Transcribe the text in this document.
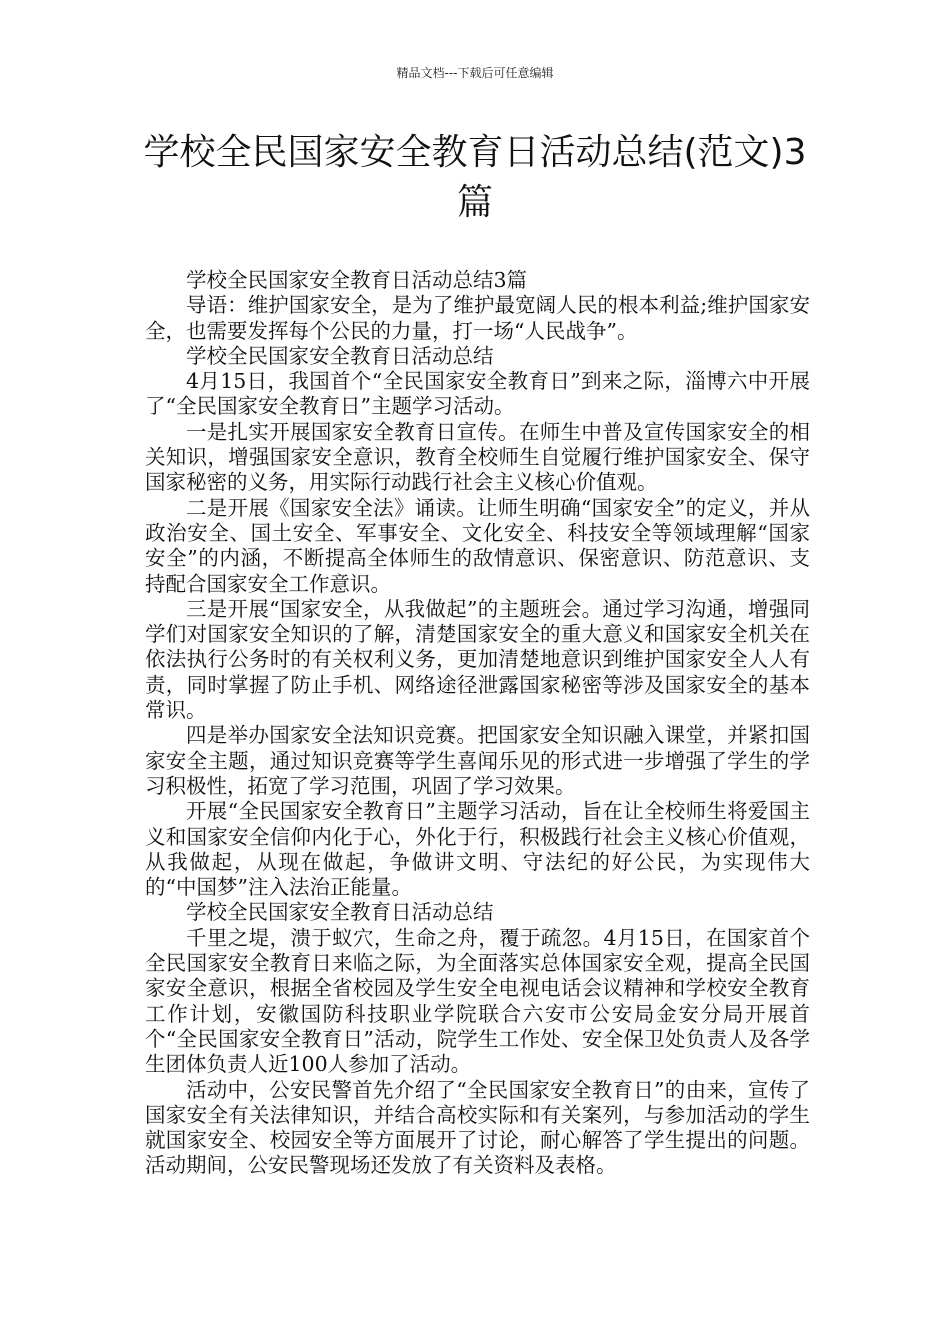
精品文档---下载后可任意编辑
学校全民国家安全教育日活动总结(范文)3篇

学校全民国家安全教育日活动总结3篇

导语：维护国家安全，是为了维护最宽阔人民的根本利益;维护国家安全，也需要发挥每个公民的力量，打一场“人民战争”。

学校全民国家安全教育日活动总结

4月15日，我国首个“全民国家安全教育日”到来之际，淄博六中开展了“全民国家安全教育日”主题学习活动。

一是扎实开展国家安全教育日宣传。在师生中普及宣传国家安全的相关知识，增强国家安全意识，教育全校师生自觉履行维护国家安全、保守国家秘密的义务，用实际行动践行社会主义核心价值观。

二是开展《国家安全法》诵读。让师生明确“国家安全”的定义，并从政治安全、国土安全、军事安全、文化安全、科技安全等领域理解“国家安全”的内涵，不断提高全体师生的敌情意识、保密意识、防范意识、支持配合国家安全工作意识。

三是开展“国家安全，从我做起”的主题班会。通过学习沟通，增强同学们对国家安全知识的了解，清楚国家安全的重大意义和国家安全机关在依法执行公务时的有关权利义务，更加清楚地意识到维护国家安全人人有责，同时掌握了防止手机、网络途径泄露国家秘密等涉及国家安全的基本常识。

四是举办国家安全法知识竞赛。把国家安全知识融入课堂，并紧扣国家安全主题，通过知识竞赛等学生喜闻乐见的形式进一步增强了学生的学习积极性，拓宽了学习范围，巩固了学习效果。

开展“全民国家安全教育日”主题学习活动，旨在让全校师生将爱国主义和国家安全信仰内化于心，外化于行，积极践行社会主义核心价值观，从我做起，从现在做起，争做讲文明、守法纪的好公民，为实现伟大的“中国梦”注入法治正能量。

学校全民国家安全教育日活动总结

千里之堤，溃于蚁穴，生命之舟，覆于疏忽。4月15日，在国家首个全民国家安全教育日来临之际，为全面落实总体国家安全观，提高全民国家安全意识，根据全省校园及学生安全电视电话会议精神和学校安全教育工作计划，安徽国防科技职业学院联合六安市公安局金安分局开展首个“全民国家安全教育日”活动，院学生工作处、安全保卫处负责人及各学生团体负责人近100人参加了活动。

活动中，公安民警首先介绍了“全民国家安全教育日”的由来，宣传了国家安全有关法律知识，并结合高校实际和有关案列，与参加活动的学生就国家安全、校园安全等方面展开了讨论，耐心解答了学生提出的问题。活动期间，公安民警现场还发放了有关资料及表格。
